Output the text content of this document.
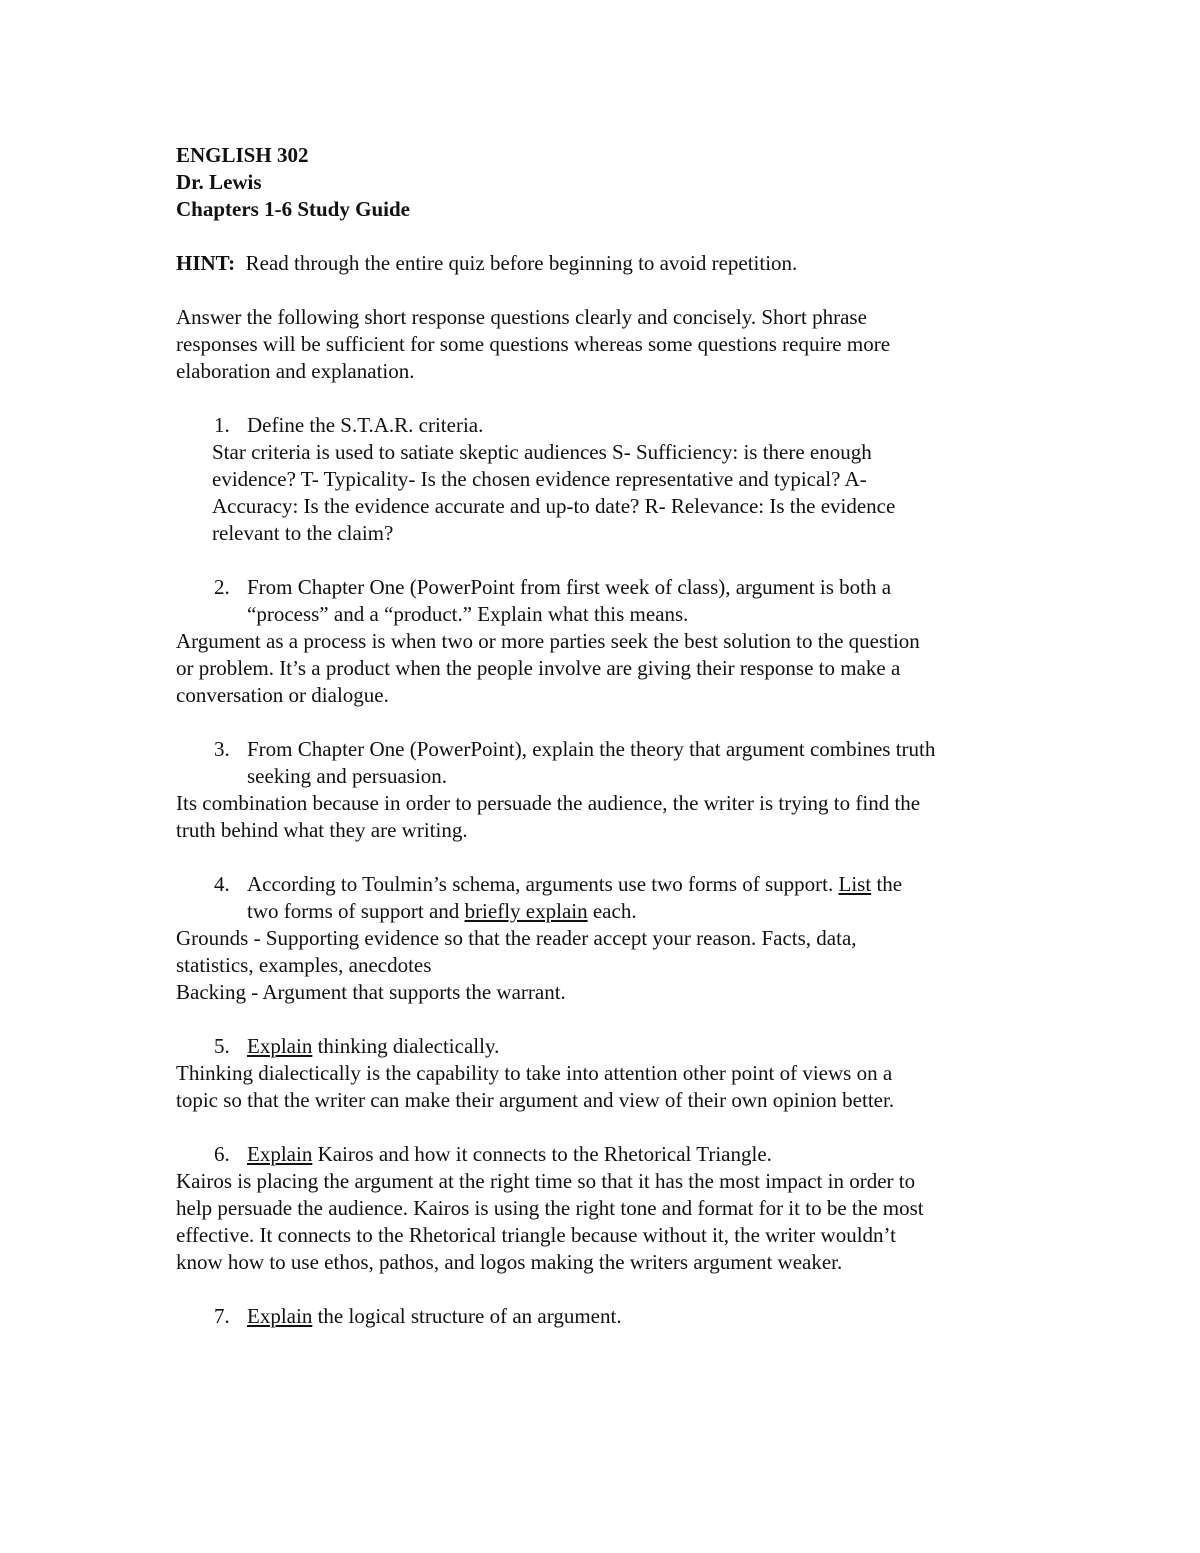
ENGLISH 302
Dr. Lewis
Chapters 1-6 Study Guide
HINT: Read through the entire quiz before beginning to avoid repetition.
Answer the following short response questions clearly and concisely. Short phrase
responses will be sufficient for some questions whereas some questions require more
elaboration and explanation.
1. Define the S.T.A.R. criteria.
Star criteria is used to satiate skeptic audiences S- Sufficiency: is there enough
evidence? T- Typicality- Is the chosen evidence representative and typical? A-
Accuracy: Is the evidence accurate and up-to date? R- Relevance: Is the evidence
relevant to the claim?
2. From Chapter One (PowerPoint from first week of class), argument is both a
“process” and a “product.” Explain what this means.
Argument as a process is when two or more parties seek the best solution to the question
or problem. It’s a product when the people involve are giving their response to make a
conversation or dialogue.
3. From Chapter One (PowerPoint), explain the theory that argument combines truth
seeking and persuasion.
Its combination because in order to persuade the audience, the writer is trying to find the
truth behind what they are writing.
4. According to Toulmin’s schema, arguments use two forms of support. List the
two forms of support and briefly explain each.
Grounds - Supporting evidence so that the reader accept your reason. Facts, data,
statistics, examples, anecdotes
Backing - Argument that supports the warrant.
5. Explain thinking dialectically.
Thinking dialectically is the capability to take into attention other point of views on a
topic so that the writer can make their argument and view of their own opinion better.
6. Explain Kairos and how it connects to the Rhetorical Triangle.
Kairos is placing the argument at the right time so that it has the most impact in order to
help persuade the audience. Kairos is using the right tone and format for it to be the most
effective. It connects to the Rhetorical triangle because without it, the writer wouldn’t
know how to use ethos, pathos, and logos making the writers argument weaker.
7. Explain the logical structure of an argument.
